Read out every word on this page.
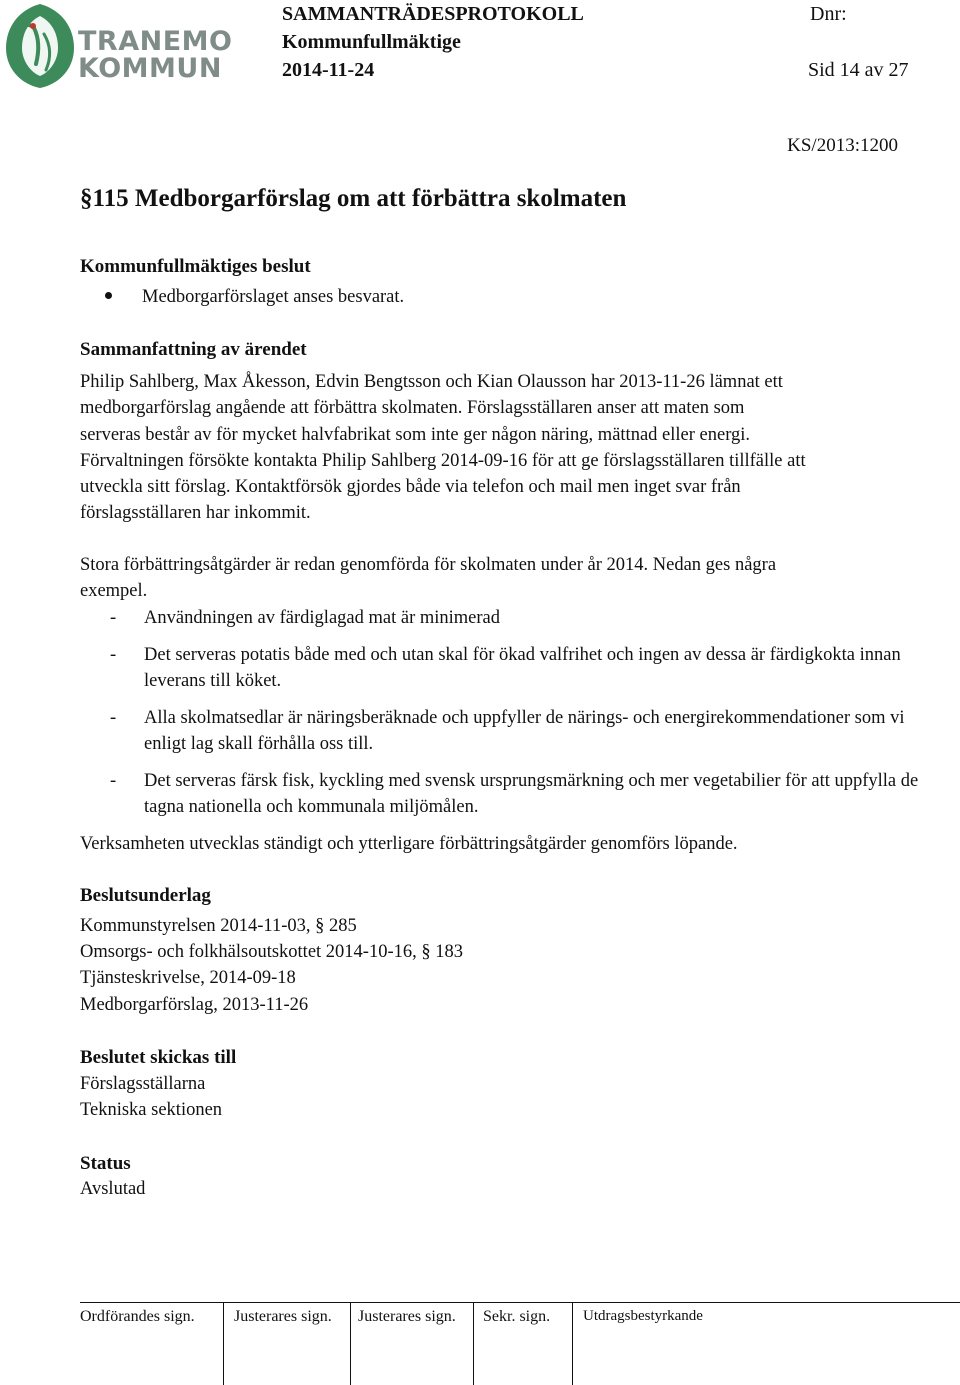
TRANEMO
KOMMUN
SAMMANTRÄDESPROTOKOLL	Dnr:
Kommunfullmäktige
2014-11-24	Sid 14 av 27
KS/2013:1200
§115 Medborgarförslag om att förbättra skolmaten
Kommunfullmäktiges beslut
Medborgarförslaget anses besvarat.
Sammanfattning av ärendet
Philip Sahlberg, Max Åkesson, Edvin Bengtsson och Kian Olausson har 2013-11-26 lämnat ett
medborgarförslag angående att förbättra skolmaten. Förslagsställaren anser att maten som
serveras består av för mycket halvfabrikat som inte ger någon näring, mättnad eller energi.
Förvaltningen försökte kontakta Philip Sahlberg 2014-09-16 för att ge förslagsställaren tillfälle att
utveckla sitt förslag. Kontaktförsök gjordes både via telefon och mail men inget svar från
förslagsställaren har inkommit.
Stora förbättringsåtgärder är redan genomförda för skolmaten under år 2014. Nedan ges några
exempel.
- Användningen av färdiglagad mat är minimerad
- Det serveras potatis både med och utan skal för ökad valfrihet och ingen av dessa är färdigkokta innan leverans till köket.
- Alla skolmatsedlar är näringsberäknade och uppfyller de närings- och energirekommendationer som vi enligt lag skall förhålla oss till.
- Det serveras färsk fisk, kyckling med svensk ursprungsmärkning och mer vegetabilier för att uppfylla de tagna nationella och kommunala miljömålen.
Verksamheten utvecklas ständigt och ytterligare förbättringsåtgärder genomförs löpande.
Beslutsunderlag
Kommunstyrelsen 2014-11-03, § 285
Omsorgs- och folkhälsoutskottet 2014-10-16, § 183
Tjänsteskrivelse, 2014-09-18
Medborgarförslag, 2013-11-26
Beslutet skickas till
Förslagsställarna
Tekniska sektionen
Status
Avslutad
Ordförandes sign. Justerares sign. Justerares sign. Sekr. sign. Utdragsbestyrkande
